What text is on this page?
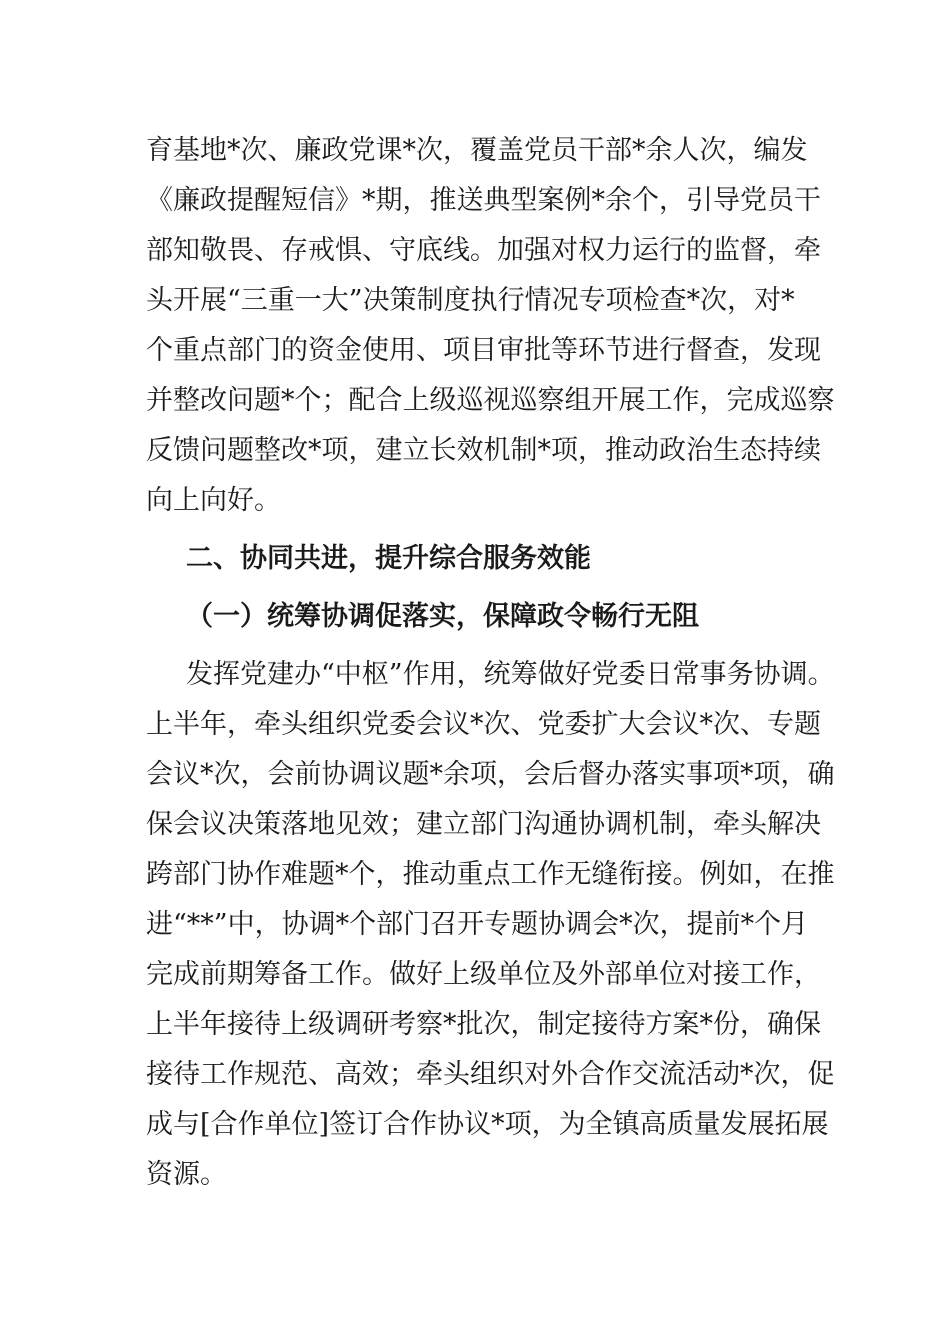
育基地*次、廉政党课*次，覆盖党员干部*余人次，编发
《廉政提醒短信》*期，推送典型案例*余个，引导党员干
部知敬畏、存戒惧、守底线。加强对权力运行的监督，牵
头开展“三重一大”决策制度执行情况专项检查*次，对*
个重点部门的资金使用、项目审批等环节进行督查，发现
并整改问题*个；配合上级巡视巡察组开展工作，完成巡察
反馈问题整改*项，建立长效机制*项，推动政治生态持续
向上向好。
二、协同共进，提升综合服务效能
（一）统筹协调促落实，保障政令畅行无阻
发挥党建办“中枢”作用，统筹做好党委日常事务协调。
上半年，牵头组织党委会议*次、党委扩大会议*次、专题
会议*次，会前协调议题*余项，会后督办落实事项*项，确
保会议决策落地见效；建立部门沟通协调机制，牵头解决
跨部门协作难题*个，推动重点工作无缝衔接。例如，在推
进“**”中，协调*个部门召开专题协调会*次，提前*个月
完成前期筹备工作。做好上级单位及外部单位对接工作，
上半年接待上级调研考察*批次，制定接待方案*份，确保
接待工作规范、高效；牵头组织对外合作交流活动*次，促
成与[合作单位]签订合作协议*项，为全镇高质量发展拓展
资源。
